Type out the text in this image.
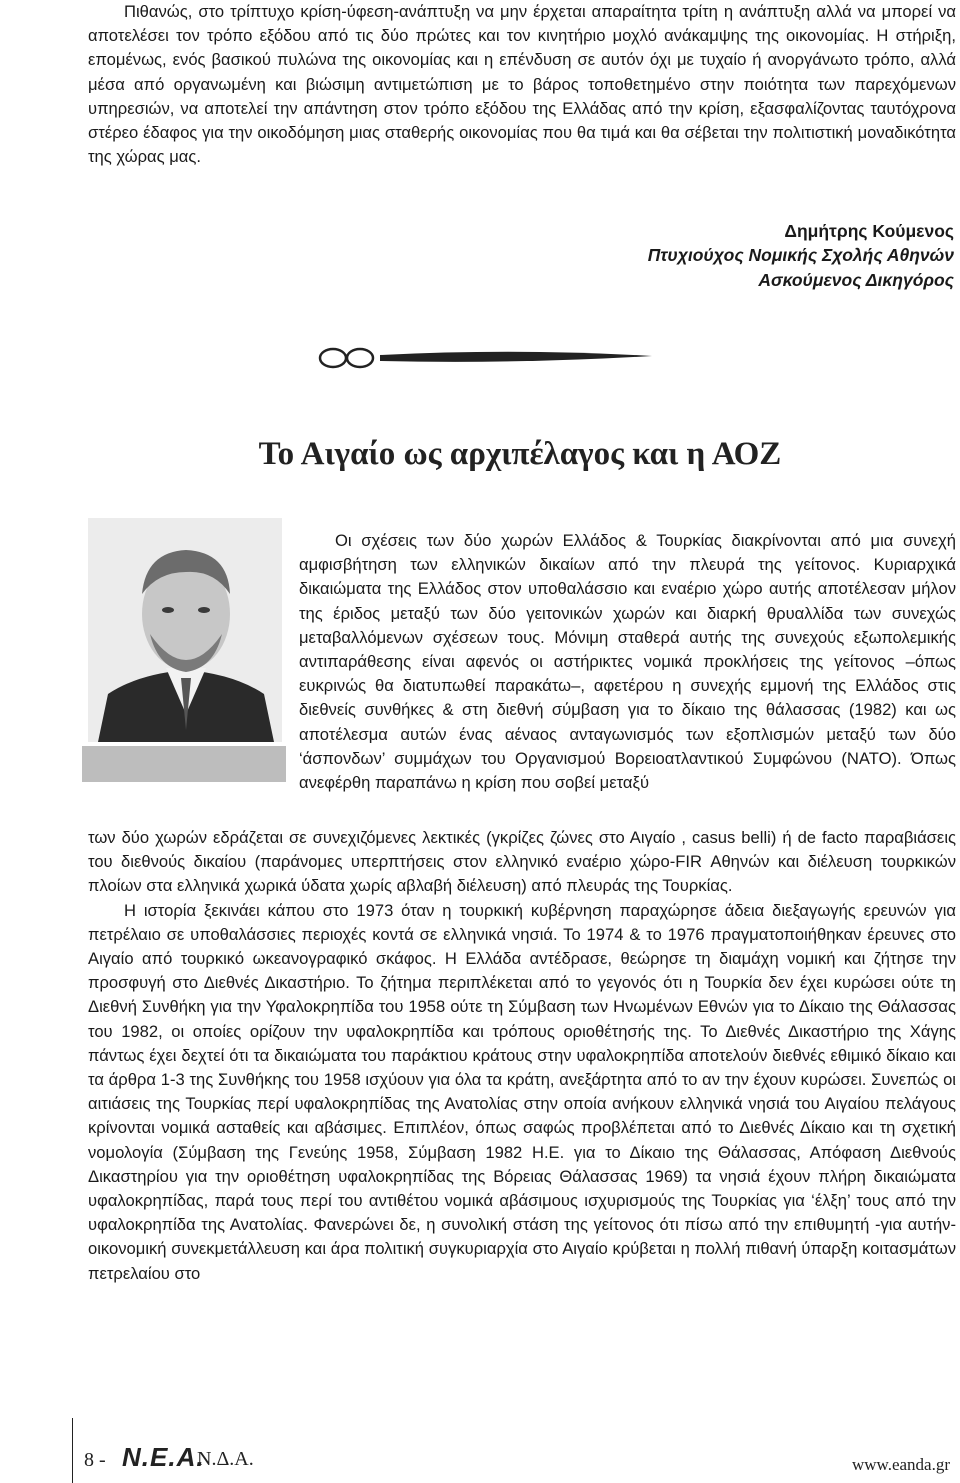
Πιθανώς, στο τρίπτυχο κρίση-ύφεση-ανάπτυξη να μην έρχεται απαραίτητα τρίτη η ανάπτυξη αλλά να μπορεί να αποτελέσει τον τρόπο εξόδου από τις δύο πρώτες και τον κινητήριο μοχλό ανάκαμψης της οικονομίας. Η στήριξη, επομένως, ενός βασικού πυλώνα της οικονομίας και η επένδυση σε αυτόν όχι με τυχαίο ή ανοργάνωτο τρόπο, αλλά μέσα από οργανωμένη και βιώσιμη αντιμετώπιση με το βάρος τοποθετημένο στην ποιότητα των παρεχόμενων υπηρεσιών, να αποτελεί την απάντηση στον τρόπο εξόδου της Ελλάδας από την κρίση, εξασφαλίζοντας ταυτόχρονα στέρεο έδαφος για την οικοδόμηση μιας σταθερής οικονομίας που θα τιμά και θα σέβεται την πολιτιστική μοναδικότητα της χώρας μας.

Δημήτρης Κούμενος
Πτυχιούχος Νομικής Σχολής Αθηνών
Ασκούμενος Δικηγόρος
Το Αιγαίο ως αρχιπέλαγος και η ΑΟΖ

Οι σχέσεις των δύο χωρών Ελλάδος & Τουρκίας διακρίνονται από μια συνεχή αμφισβήτηση των ελληνικών δικαίων από την πλευρά της γείτονος. Κυριαρχικά δικαιώματα της Ελλάδος στον υποθαλάσσιο και εναέριο χώρο αυτής αποτέλεσαν μήλον της έριδος μεταξύ των δύο γειτονικών χωρών και διαρκή θρυαλλίδα των συνεχώς μεταβαλλόμενων σχέσεων τους. Μόνιμη σταθερά αυτής της συνεχούς εξωπολεμικής αντιπαράθεσης είναι αφενός οι αστήρικτες νομικά προκλήσεις της γείτονος –όπως ευκρινώς θα διατυπωθεί παρακάτω–, αφετέρου η συνεχής εμμονή της Ελλάδος στις διεθνείς συνθήκες & στη διεθνή σύμβαση για το δίκαιο της θάλασσας (1982) και ως αποτέλεσμα αυτών ένας αέναος ανταγωνισμός των εξοπλισμών μεταξύ των δύο ‘άσπονδων’ συμμάχων του Οργανισμού Βορειοατλαντικού Συμφώνου (ΝΑΤΟ). Όπως ανεφέρθη παραπάνω η κρίση που σοβεί μεταξύ

των δύο χωρών εδράζεται σε συνεχιζόμενες λεκτικές (γκρίζες ζώνες στο Αιγαίο , casus belli) ή de facto παραβιάσεις του διεθνούς δικαίου (παράνομες υπερπτήσεις στον ελληνικό εναέριο χώρο-FIR Αθηνών και διέλευση τουρκικών πλοίων στα ελληνικά χωρικά ύδατα χωρίς αβλαβή διέλευση) από πλευράς της Τουρκίας.

Η ιστορία ξεκινάει κάπου στο 1973 όταν η τουρκική κυβέρνηση παραχώρησε άδεια διεξαγωγής ερευνών για πετρέλαιο σε υποθαλάσσιες περιοχές κοντά σε ελληνικά νησιά. Το 1974 & το 1976 πραγματοποιήθηκαν έρευνες στο Αιγαίο από τουρκικό ωκεανογραφικό σκάφος. Η Ελλάδα αντέδρασε, θεώρησε τη διαμάχη νομική και ζήτησε την προσφυγή στο Διεθνές Δικαστήριο. Το ζήτημα περιπλέκεται από το γεγονός ότι η Τουρκία δεν έχει κυρώσει ούτε τη Διεθνή Συνθήκη για την Υφαλοκρηπίδα του 1958 ούτε τη Σύμβαση των Ηνωμένων Εθνών για το Δίκαιο της Θάλασσας του 1982, οι οποίες ορίζουν την υφαλοκρηπίδα και τρόπους οριοθέτησής της. Το Διεθνές Δικαστήριο της Χάγης πάντως έχει δεχτεί ότι τα δικαιώματα του παράκτιου κράτους στην υφαλοκρηπίδα αποτελούν διεθνές εθιμικό δίκαιο και τα άρθρα 1-3 της Συνθήκης του 1958 ισχύουν για όλα τα κράτη, ανεξάρτητα από το αν την έχουν κυρώσει. Συνεπώς οι αιτιάσεις της Τουρκίας περί υφαλοκρηπίδας της Ανατολίας στην οποία ανήκουν ελληνικά νησιά του Αιγαίου πελάγους κρίνονται νομικά ασταθείς και αβάσιμες. Επιπλέον, όπως σαφώς προβλέπεται από το Διεθνές Δίκαιο και τη σχετική νομολογία (Σύμβαση της Γενεύης 1958, Σύμβαση 1982 Η.Ε. για το Δίκαιο της Θάλασσας, Απόφαση Διεθνούς Δικαστηρίου για την οριοθέτηση υφαλοκρηπίδας της Βόρειας Θάλασσας 1969) τα νησιά έχουν πλήρη δικαιώματα υφαλοκρηπίδας, παρά τους περί του αντιθέτου νομικά αβάσιμους ισχυρισμούς της Τουρκίας για ‘έλξη’ τους από την υφαλοκρηπίδα της Ανατολίας. Φανερώνει δε, η συνολική στάση της γείτονος ότι πίσω από την επιθυμητή -για αυτήν- οικονομική συνεκμετάλλευση και άρα πολιτική συγκυριαρχία στο Αιγαίο κρύβεται η πολλή πιθανή ύπαρξη κοιτασμάτων πετρελαίου στο

8 - N.E.A.
Ν.Δ.Α.	www.eanda.gr
